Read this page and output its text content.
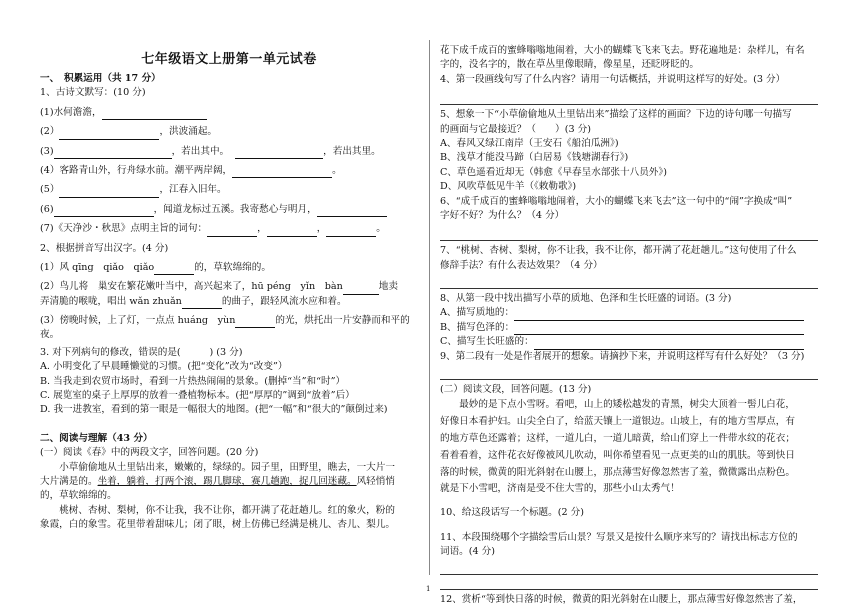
七年级语文上册第一单元试卷

一、　积累运用（共 17 分）

1、古诗文默写：(10 分)

(1)水何澹澹，

(2）	，洪波涌起。

(3)	，若出其中。	，若出其里。

(4）客路青山外，行舟绿水前。潮平两岸阔，	。

(5）	，江春入旧年。

(6)	，闻道龙标过五溪。我寄愁心与明月，

(7)《天净沙・秋思》点明主旨的词句：	，	，	。

2、根据拼音写出汉字。(4 分)

(1）风 qīng　qiǎo　qiǎo	的，草软绵绵的。

(2）鸟儿将　巢安在繁花嫩叶当中，高兴起来了，hū péng　yǐn　bàn	地卖

弄清脆的喉咙，唱出 wǎn zhuǎn	的曲子，跟轻风流水应和着。

(3）傍晚时候，上了灯，一点点 huáng　yùn	的光，烘托出一片安静而和平的

夜。

3. 对下列病句的修改，错误的是(　　　) (3 分)

A. 小明变化了早晨睡懒觉的习惯。(把“变化”改为“改变”）

B. 当我走到农贸市场时，看到一片热热闹闹的景象。(删掉“当”和“时”）

C. 展览室的桌子上厚厚的放着一叠植物标本。(把“厚厚的”调到“放着”后）

D. 我一进教室，看到的第一眼是一幅很大的地图。(把“一幅”和“很大的”颠倒过来)

二、阅读与理解（43 分）

(一）阅读《春》中的两段文字，回答问题。(20 分)

小草偷偷地从土里钻出来，嫩嫩的，绿绿的。园子里，田野里，瞧去，一大片一

大片满是的。坐着，躺着，打两个滚，踢几脚球，赛几趟跑，捉几回迷藏。风轻悄悄

的，草软绵绵的。

桃树、杏树、梨树，你不让我，我不让你，都开满了花赶趟儿。红的象火，粉的

象霞，白的象雪。花里带着甜味儿；闭了眼，树上仿佛已经满是桃儿、杏儿、梨儿。

花下成千成百的蜜蜂嗡嗡地闹着，大小的蝴蝶飞飞来飞去。野花遍地是：杂样儿，有名

字的，没名字的，散在草丛里像眼睛，像星星，还眨呀眨的。

4、第一段画线句写了什么内容？请用一句话概括，并说明这样写的好处。(3 分）

5、想象一下“小草偷偷地从土里钻出来”描绘了这样的画面？下边的诗句哪一句描写

的画面与它最接近？（　　）(3 分)

A、春风又绿江南岸（王安石《船泊瓜洲》)

B、浅草才能没马蹄（白居易《钱塘湖春行》)

C、草色遥看近却无（韩愈《早春呈水部张十八员外》)

D、风吹草低见牛羊（《敕勒歌》)

6、“成千成百的蜜蜂嗡嗡地闹着，大小的蝴蝶飞来飞去”这一句中的“闹”字换成“叫”

字好不好？为什么？（4 分）

7、“桃树、杏树、梨树，你不让我，我不让你，都开满了花赶趟儿。”这句使用了什么

修辞手法？有什么表达效果？（4 分）

8、从第一段中找出描写小草的质地、色泽和生长旺盛的词语。(3 分)

A、描写质地的：

B、描写色泽的：

C、描写生长旺盛的：

9、第二段有一处是作者展开的想象。请摘抄下来，并说明这样写有什么好处？（3 分)

(二）阅读文段，回答问题。(13 分)

最妙的是下点小雪呀。看吧，山上的矮松越发的青黑，树尖大顶着一髻儿白花，

好像日本看护妇。山尖全白了，给蓝天镶上一道银边。山坡上，有的地方雪厚点，有

的地方草色还露着；这样，一道儿白，一道儿暗黄，给山们穿上一件带水纹的花衣；

看着看着，这件花衣好像被风儿吹动，叫你希望看见一点更美的山的肌肤。等到快日

落的时候，微黄的阳光斜射在山腰上，那点薄雪好像忽然害了羞，微微露出点粉色。

就是下小雪吧，济南是受不住大雪的，那些小山太秀气！

10、给这段话写一个标题。(2 分)

11、本段围绕哪个字描绘雪后山景？写景又是按什么顺序来写的？请找出标志方位的

词语。(4 分)

12、赏析“等到快日落的时候，微黄的阳光斜射在山腰上，那点薄雪好像忽然害了羞，

1
